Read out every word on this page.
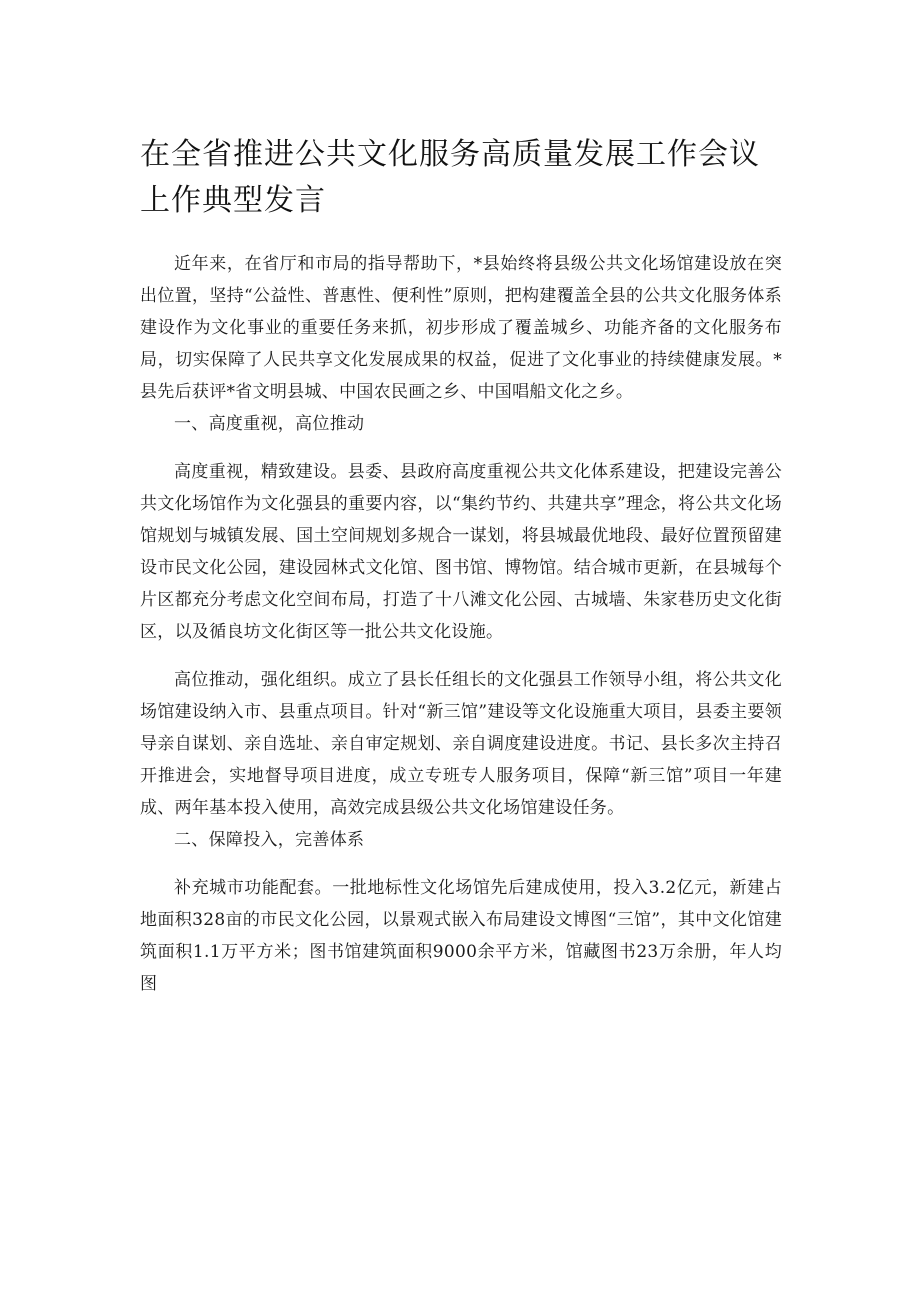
在全省推进公共文化服务高质量发展工作会议上作典型发言

近年来，在省厅和市局的指导帮助下，*县始终将县级公共文化场馆建设放在突出位置，坚持“公益性、普惠性、便利性”原则，把构建覆盖全县的公共文化服务体系建设作为文化事业的重要任务来抓，初步形成了覆盖城乡、功能齐备的文化服务布局，切实保障了人民共享文化发展成果的权益，促进了文化事业的持续健康发展。*县先后获评*省文明县城、中国农民画之乡、中国唱船文化之乡。

一、高度重视，高位推动

高度重视，精致建设。县委、县政府高度重视公共文化体系建设，把建设完善公共文化场馆作为文化强县的重要内容，以“集约节约、共建共享”理念，将公共文化场馆规划与城镇发展、国土空间规划多规合一谋划，将县城最优地段、最好位置预留建设市民文化公园，建设园林式文化馆、图书馆、博物馆。结合城市更新，在县城每个片区都充分考虑文化空间布局，打造了十八滩文化公园、古城墙、朱家巷历史文化街区，以及循良坊文化街区等一批公共文化设施。

高位推动，强化组织。成立了县长任组长的文化强县工作领导小组，将公共文化场馆建设纳入市、县重点项目。针对“新三馆”建设等文化设施重大项目，县委主要领导亲自谋划、亲自选址、亲自审定规划、亲自调度建设进度。书记、县长多次主持召开推进会，实地督导项目进度，成立专班专人服务项目，保障“新三馆”项目一年建成、两年基本投入使用，高效完成县级公共文化场馆建设任务。

二、保障投入，完善体系

补充城市功能配套。一批地标性文化场馆先后建成使用，投入3.2亿元，新建占地面积328亩的市民文化公园，以景观式嵌入布局建设文博图“三馆”，其中文化馆建筑面积1.1万平方米；图书馆建筑面积9000余平方米，馆藏图书23万余册，年人均图
